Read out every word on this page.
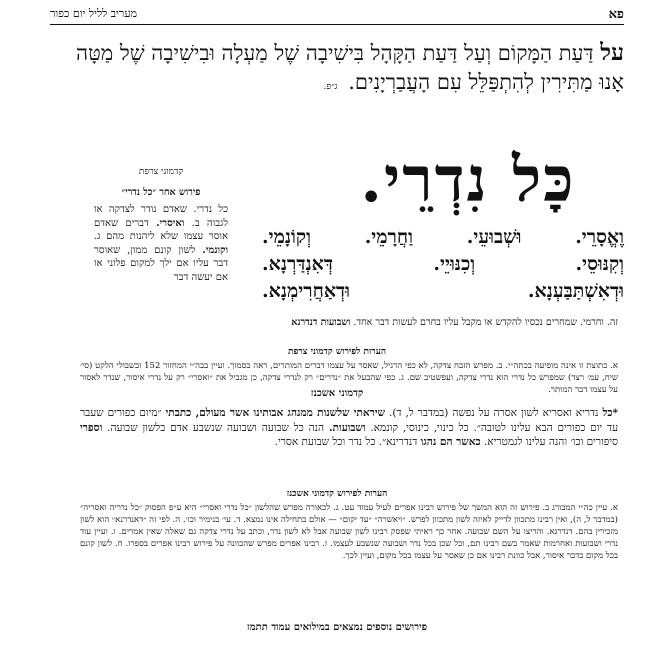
פא
מעריב לליל יום כפור
על דַּעַת הַמָּקוֹם וְעַל דַּעַת הַקָּהָל בִּישִׁיבָה שֶׁל מַעְלָה וּבִישִׁיבָה שֶׁל מַטָּה אָנוּ מַתִּירִין לְהִתְפַּלֵּל עִם הָעֲבַרְיָנִים. ג״פ.
כָּל נִדְרֵי.
וֶאֱסָרֵי. וּשְׁבוּעֵי. וַחֲרָמֵי. וְקוֹנָמֵי.
וְקִנּוּסֵי. וְכִנּוּיֵי. דְּאִנְדַּרְנָא.
וּדְאִשְׁתַּבַּעְנָא. וּדְאַחֲרִימְנָא.
קדמוני צרפת
פירוש אחר ״כל נדרי״
כל נדרי. שאדם נודר לצדקה או לגבוה ב. ואיסרי. דברים שאדם אוסר עצמו שלא ליהנות מהם ג. וקונמי. לשון קונם ממון, שאוסר דבר עליו אם ילך למקום פלוני או אם יעשה דבר
זה. וחרמי. שמחרים נכסיו להקדש או מקבל עליו בחרם לעשות דבר אחד. ושבועות דנדרנא
הערות לפירוש קדמוני צרפת
א. כתוצת זו אינה מופיעה בכתה״י. ב. מפרש הזבח צדקה, לא כפי הרגיל, שאסר על עצמו דברים המותרים, ראה בסמוך. ועיין בבה״י המחזור 152 ובשבולי הלקט (סי׳ שיח, עמ׳ רצד) שמפרש כל נדרי הוא נדרי צדקה, ועפשטיב שם. ג. כפי שהבעל את ״נדרים״ רק לנדרי צדקה, כן מגביל את ״ואסרי״ רק על נדרי איסור, שנדר לאסור על עצמו דבר המותר.
קדמוני אשכנז
*כל נדריא ואסריא לשון אסרה על נפשה (במדבר ל, ד). שיראתי שלשנות ממנהג אבותינו אשר מעולם, כתבתי ״מיום כפורים שעבר עד יום כפורים הבא עלינו לטובה״. כל כינוי, כינוסי, קונמא. ושבועות. הנה כל שבועה ושבועה שנשבע אדם בלשון שבועה. וספרי סיפורים וכו׳ והנה עלינו לגמטריא. כאשר הם נהגו דנדרינא״. כל נדר וכל שבועת אסרי.
הערות לפירוש קדמוני אשכנז
א. עיין כה״י המבורג ב. פירוש זה הוא המשך של פירוש רבינו אפרים לעיל עמוד עט. ג. לכאורה מפרש שהלשון ״כל נדרי ואסרי״ היא ע״פ הפסוק ״כל נדריה ואסריה״ (במדבר ל, ה), ואין רבינו מתכוון לדייק לאיזה לשון מתכוון לפרש. ״ויאשרה״ ״עד יקום״ — אולם בתחילה אינו נמצא. ד. עי׳ בנימיר וכו׳. ה. לפי זה ״דאנדרנא״ הוא לשון מזכירין בהם. דנדרנא. והריצו על השם שבועה. אחר כך ראיתי שפסק רבינו לשון שבועה אבל לא לשון נדר, וכתב על נדרי צדקה גם שאלה שאין אמרים. ו. ועיין עוד נדרי ושבועות ואחרמות שאמר בשם רבינו תם, וכל שכן בכל נדר ושבועה שנשבע לעצמו. ז. רבינו אפרים מפרש שהכוונה על פירוש רבינו אפרים בספרו. ח. לשון קונם בכל מקום בדבר איסור, אבל כוונת רבינו אם כן שאסר על עצמו בכל מקום, ועיין לכך.
פירושים נוספים נמצאים במילואים עמוד תתמז
